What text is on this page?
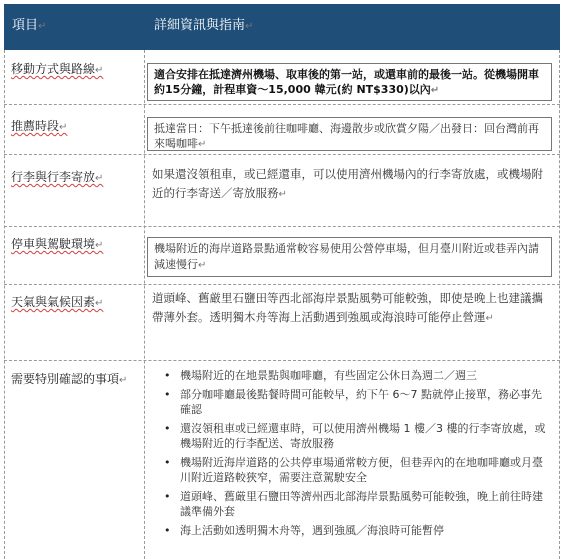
項目↵	詳細資訊與指南↵
移動方式與路線↵	適合安排在抵達濟州機場、取車後的第一站，或還車前的最後一站。從機場開車約15分鐘，計程車資～15,000 韓元(約 NT$330)以內↵
推薦時段↵	抵達當日：下午抵達後前往咖啡廳、海邊散步或欣賞夕陽／出發日：回台灣前再來喝咖啡↵
行李與行李寄放↵	如果還沒領租車，或已經還車，可以使用濟州機場內的行李寄放處，或機場附近的行李寄送／寄放服務↵
停車與駕駛環境↵	機場附近的海岸道路景點通常較容易使用公營停車場，但月臺川附近或巷弄內請減速慢行↵
天氣與氣候因素↵	道頭峰、舊厳里石鹽田等西北部海岸景點風勢可能較強，即使是晚上也建議攜帶薄外套。透明獨木舟等海上活動遇到強風或海浪時可能停止營運↵
需要特別確認的事項↵
•	機場附近的在地景點與咖啡廳，有些固定公休日為週二／週三
• 部分咖啡廳最後點餐時間可能較早，約下午 6～7 點就停止接單，務必事先確認
• 還沒領租車或已經還車時，可以使用濟州機場 1 樓／3 樓的行李寄放處，或機場附近的行李配送、寄放服務
• 機場附近海岸道路的公共停車場通常較方便，但巷弄內的在地咖啡廳或月臺川附近道路較狹窄，需要注意駕駛安全
• 道頭峰、舊厳里石鹽田等濟州西北部海岸景點風勢可能較強，晚上前往時建議準備外套
• 海上活動如透明獨木舟等，遇到強風／海浪時可能暫停
